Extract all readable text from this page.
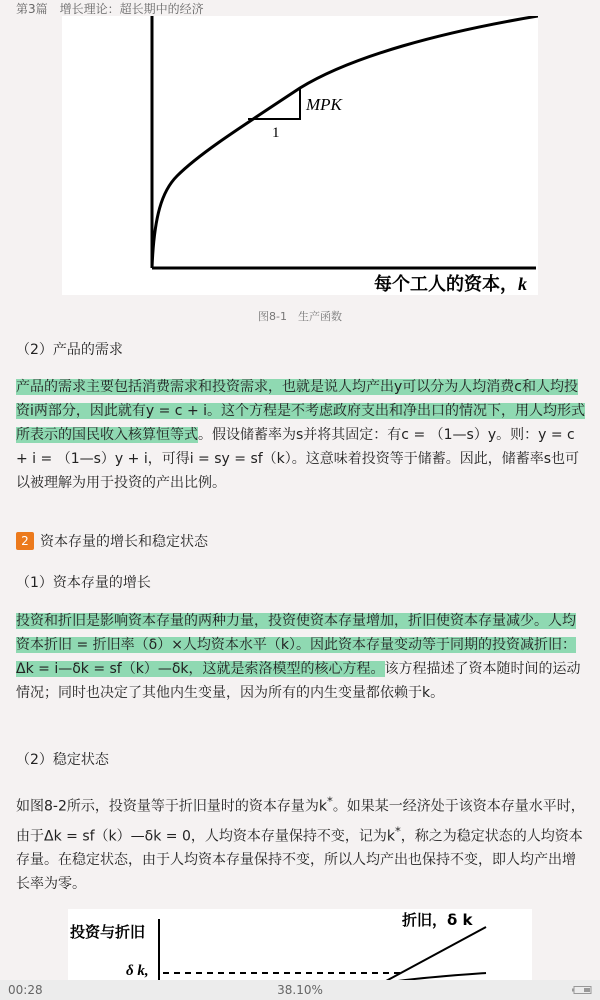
第3篇　增长理论：超长期中的经济
MPK
1
每个工人的资本，k
图8-1　生产函数
（2）产品的需求

产品的需求主要包括消费需求和投资需求，也就是说人均产出y可以分为人均消费c和人均投资i两部分，因此就有y = c + i。这个方程是不考虑政府支出和净出口的情况下，用人均形式所表示的国民收入核算恒等式。假设储蓄率为s并将其固定：有c = （1—s）y。则：y = c + i = （1—s）y + i，可得i = sy = sf（k）。这意味着投资等于储蓄。因此，储蓄率s也可以被理解为用于投资的产出比例。

2 资本存量的增长和稳定状态
（1）资本存量的增长

投资和折旧是影响资本存量的两种力量，投资使资本存量增加，折旧使资本存量减少。人均资本折旧 = 折旧率（δ）×人均资本水平（k）。因此资本存量变动等于同期的投资减折旧：Δk = i—δk = sf（k）—δk，这就是索洛模型的核心方程。该方程描述了资本随时间的运动情况；同时也决定了其他内生变量，因为所有的内生变量都依赖于k。

（2）稳定状态

如图8-2所示，投资量等于折旧量时的资本存量为k*。如果某一经济处于该资本存量水平时，由于Δk = sf（k）—δk = 0，人均资本存量保持不变，记为k*，称之为稳定状态的人均资本存量。在稳定状态，由于人均资本存量保持不变，所以人均产出也保持不变，即人均产出增长率为零。

投资与折旧
δ k,
折旧，δ k
00:28	38.10%
